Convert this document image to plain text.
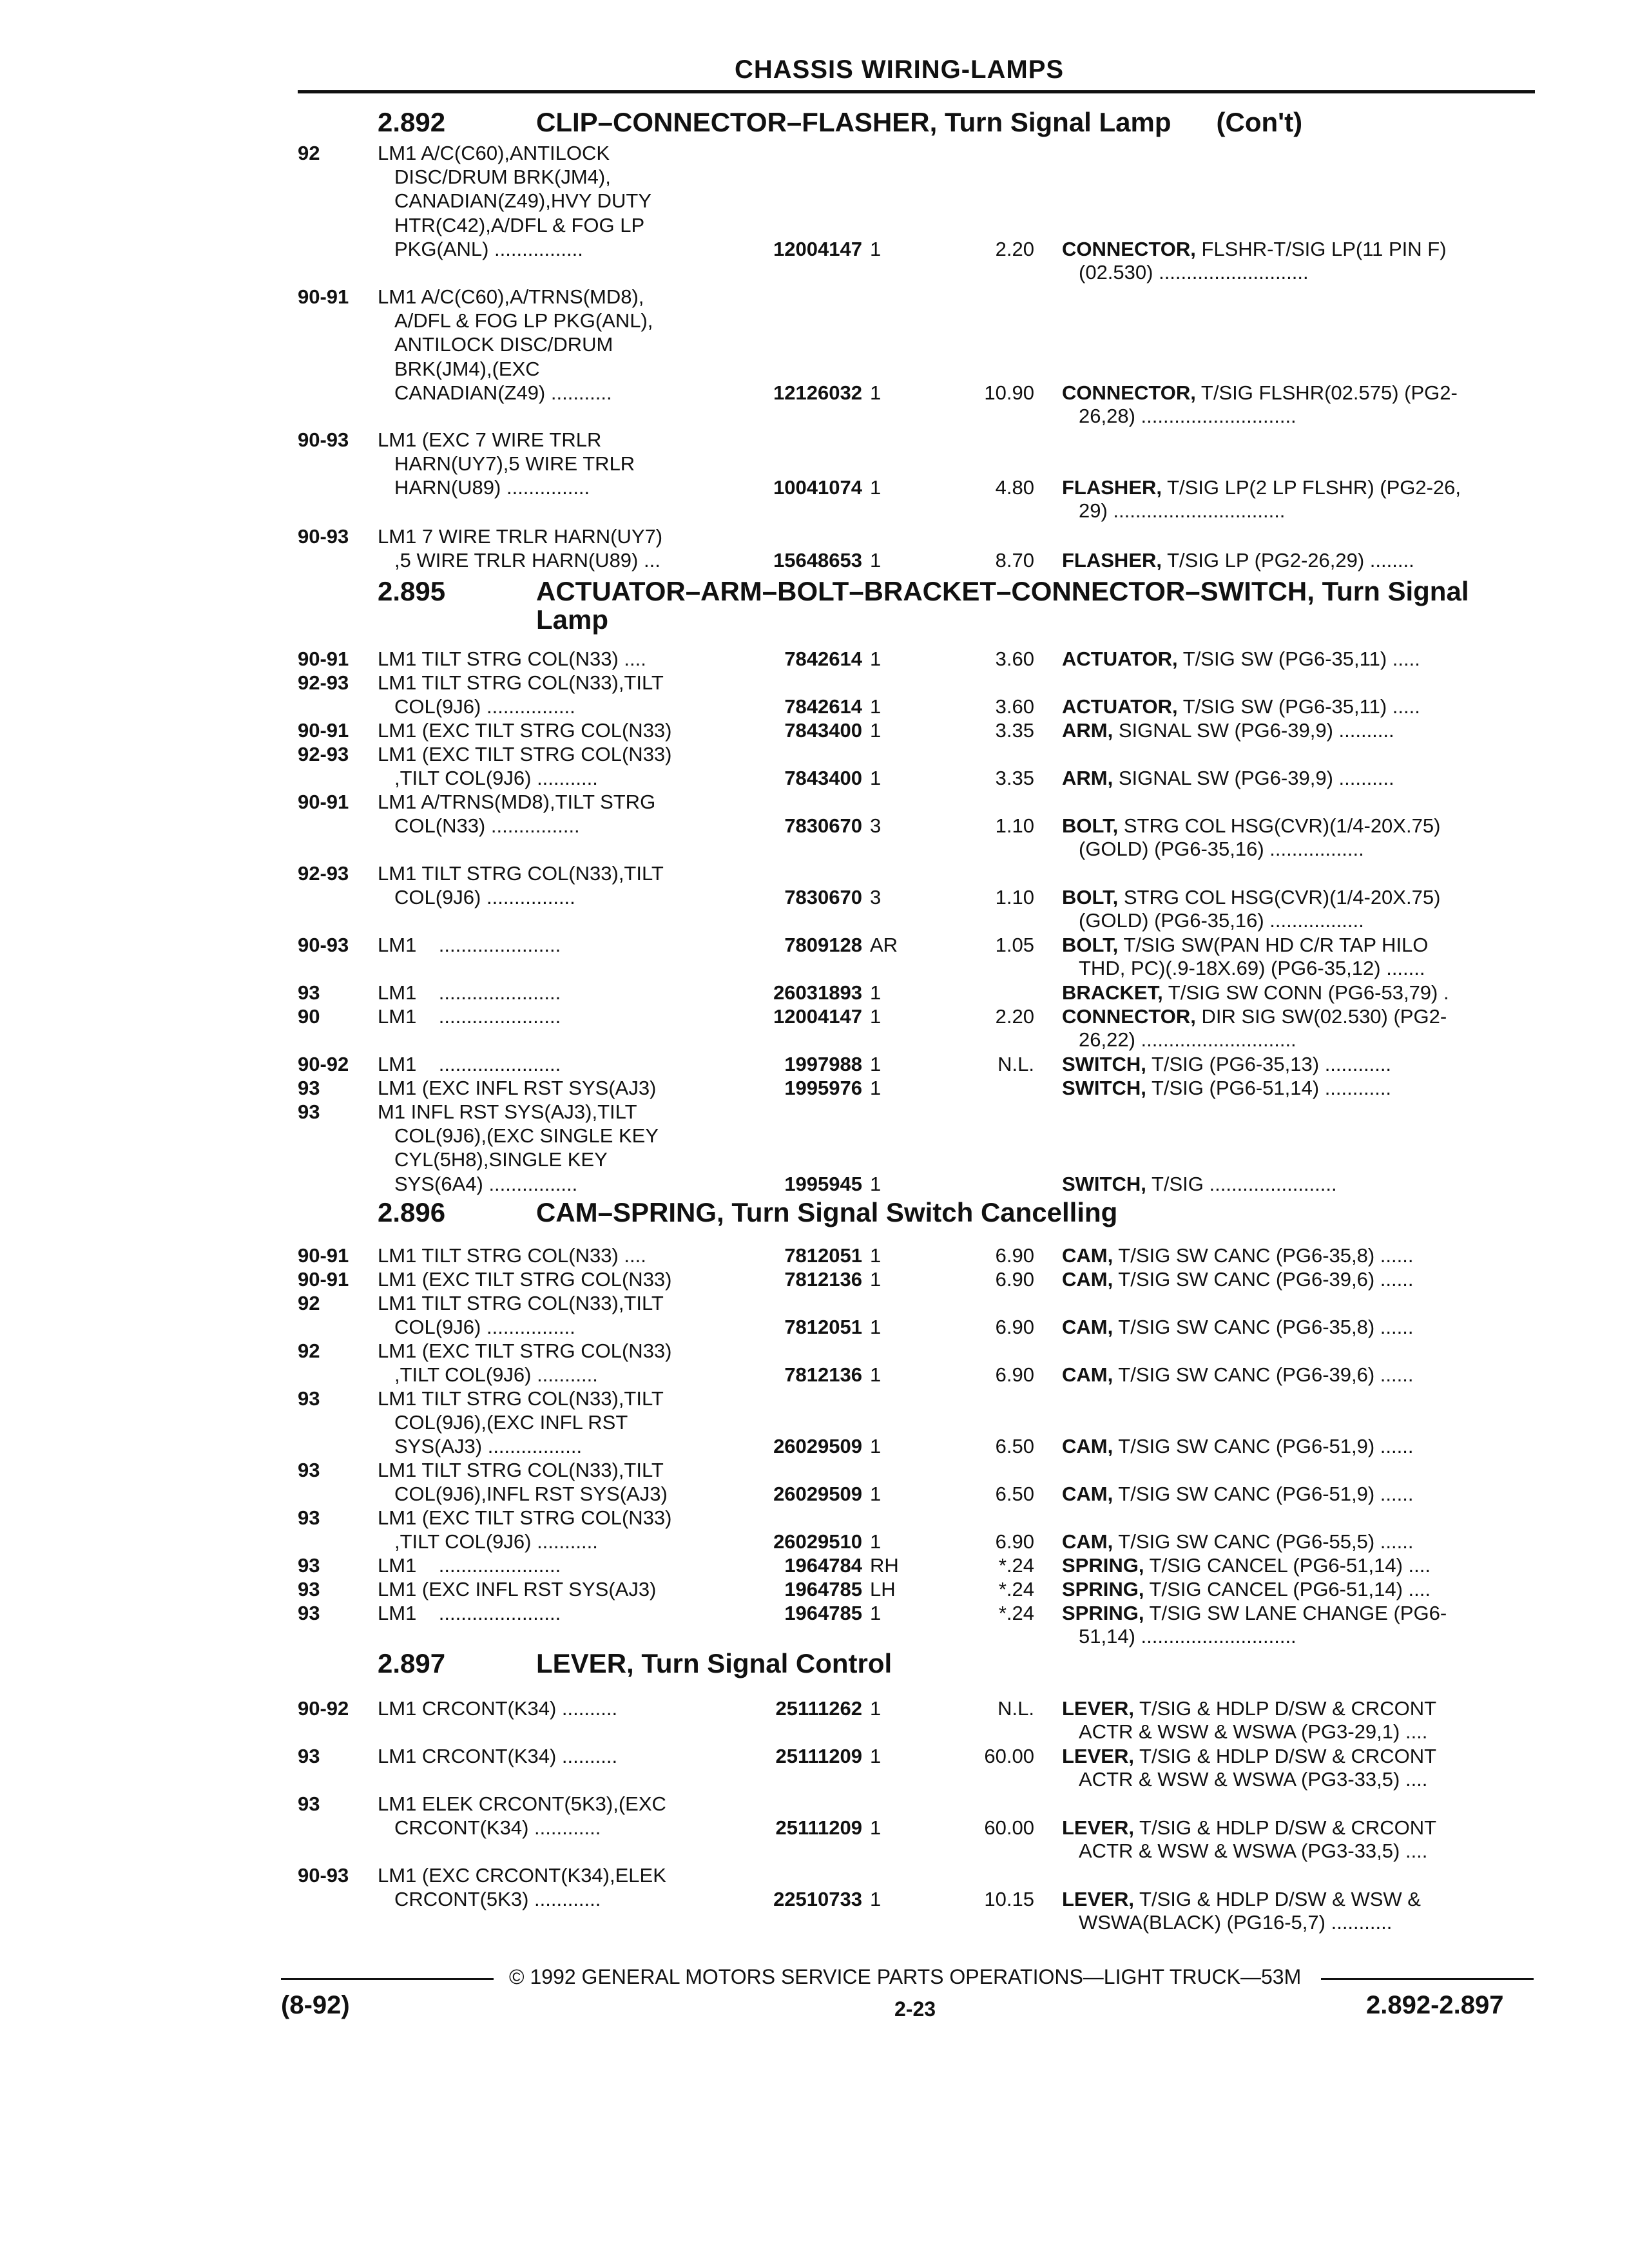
CHASSIS WIRING-LAMPS
2.892	CLIP–CONNECTOR–FLASHER, Turn Signal Lamp      (Con't)
92	LM1 A/C(C60),ANTILOCK
DISC/DRUM BRK(JM4),
CANADIAN(Z49),HVY DUTY
HTR(C42),A/DFL & FOG LP
PKG(ANL) ................	12004147 1	2.20 CONNECTOR, FLSHR-T/SIG LP(11 PIN F)
(02.530) ...........................
90-91 LM1 A/C(C60),A/TRNS(MD8),
A/DFL & FOG LP PKG(ANL),
ANTILOCK DISC/DRUM
BRK(JM4),(EXC
CANADIAN(Z49) ...........	12126032 1	10.90 CONNECTOR, T/SIG FLSHR(02.575) (PG2-
26,28) ............................
90-93 LM1 (EXC 7 WIRE TRLR
HARN(UY7),5 WIRE TRLR
HARN(U89) ...............	10041074 1	4.80 FLASHER, T/SIG LP(2 LP FLSHR) (PG2-26,
29) ...............................
90-93 LM1 7 WIRE TRLR HARN(UY7)
,5 WIRE TRLR HARN(U89) ...	15648653 1	8.70 FLASHER, T/SIG LP (PG2-26,29) ........
2.895	ACTUATOR–ARM–BOLT–BRACKET–CONNECTOR–SWITCH, Turn Signal Lamp
90-91 LM1 TILT STRG COL(N33) ....	7842614 1	3.60 ACTUATOR, T/SIG SW (PG6-35,11) .....
92-93 LM1 TILT STRG COL(N33),TILT
COL(9J6) ................	7842614 1	3.60 ACTUATOR, T/SIG SW (PG6-35,11) .....
90-91 LM1 (EXC TILT STRG COL(N33)	7843400 1	3.35 ARM, SIGNAL SW (PG6-39,9) ..........
92-93 LM1 (EXC TILT STRG COL(N33)
,TILT COL(9J6) ...........	7843400 1	3.35 ARM, SIGNAL SW (PG6-39,9) ..........
90-91 LM1 A/TRNS(MD8),TILT STRG
COL(N33) ................	7830670 3	1.10 BOLT, STRG COL HSG(CVR)(1/4-20X.75)
(GOLD) (PG6-35,16) .................
92-93 LM1 TILT STRG COL(N33),TILT
COL(9J6) ................	7830670 3	1.10 BOLT, STRG COL HSG(CVR)(1/4-20X.75)
(GOLD) (PG6-35,16) .................
90-93 LM1    ......................	7809128 AR	1.05 BOLT, T/SIG SW(PAN HD C/R TAP HILO
THD, PC)(.9-18X.69) (PG6-35,12) .......
93	LM1    ......................	26031893 1	BRACKET, T/SIG SW CONN (PG6-53,79) .
90	LM1    ......................	12004147 1	2.20 CONNECTOR, DIR SIG SW(02.530) (PG2-
26,22) ............................
90-92 LM1    ......................	1997988 1	N.L. SWITCH, T/SIG (PG6-35,13) ............
93	LM1 (EXC INFL RST SYS(AJ3)	1995976 1	SWITCH, T/SIG (PG6-51,14) ............
93	M1 INFL RST SYS(AJ3),TILT
COL(9J6),(EXC SINGLE KEY
CYL(5H8),SINGLE KEY
SYS(6A4) ................	1995945 1	SWITCH, T/SIG .......................
2.896	CAM–SPRING, Turn Signal Switch Cancelling
90-91 LM1 TILT STRG COL(N33) ....	7812051 1	6.90 CAM, T/SIG SW CANC (PG6-35,8) ......
90-91 LM1 (EXC TILT STRG COL(N33)	7812136 1	6.90 CAM, T/SIG SW CANC (PG6-39,6) ......
92	LM1 TILT STRG COL(N33),TILT
COL(9J6) ................	7812051 1	6.90 CAM, T/SIG SW CANC (PG6-35,8) ......
92	LM1 (EXC TILT STRG COL(N33)
,TILT COL(9J6) ...........	7812136 1	6.90 CAM, T/SIG SW CANC (PG6-39,6) ......
93	LM1 TILT STRG COL(N33),TILT
COL(9J6),(EXC INFL RST
SYS(AJ3) .................	26029509 1	6.50 CAM, T/SIG SW CANC (PG6-51,9) ......
93	LM1 TILT STRG COL(N33),TILT
COL(9J6),INFL RST SYS(AJ3)	26029509 1	6.50 CAM, T/SIG SW CANC (PG6-51,9) ......
93	LM1 (EXC TILT STRG COL(N33)
,TILT COL(9J6) ...........	26029510 1	6.90 CAM, T/SIG SW CANC (PG6-55,5) ......
93	LM1    ......................	1964784 RH	*.24 SPRING, T/SIG CANCEL (PG6-51,14) ....
93	LM1 (EXC INFL RST SYS(AJ3)	1964785 LH	*.24 SPRING, T/SIG CANCEL (PG6-51,14) ....
93	LM1    ......................	1964785 1	*.24 SPRING, T/SIG SW LANE CHANGE (PG6-
51,14) ............................
2.897	LEVER, Turn Signal Control
90-92 LM1 CRCONT(K34) ..........	25111262 1	N.L. LEVER, T/SIG & HDLP D/SW & CRCONT
ACTR & WSW & WSWA (PG3-29,1) ....
93	LM1 CRCONT(K34) ..........	25111209 1	60.00 LEVER, T/SIG & HDLP D/SW & CRCONT
ACTR & WSW & WSWA (PG3-33,5) ....
93	LM1 ELEK CRCONT(5K3),(EXC
CRCONT(K34) ............	25111209 1	60.00 LEVER, T/SIG & HDLP D/SW & CRCONT
ACTR & WSW & WSWA (PG3-33,5) ....
90-93 LM1 (EXC CRCONT(K34),ELEK
CRCONT(5K3) ............	22510733 1	10.15 LEVER, T/SIG & HDLP D/SW & WSW &
WSWA(BLACK) (PG16-5,7) ...........
© 1992 GENERAL MOTORS SERVICE PARTS OPERATIONS—LIGHT TRUCK—53M
(8-92)	2-23	2.892-2.897
